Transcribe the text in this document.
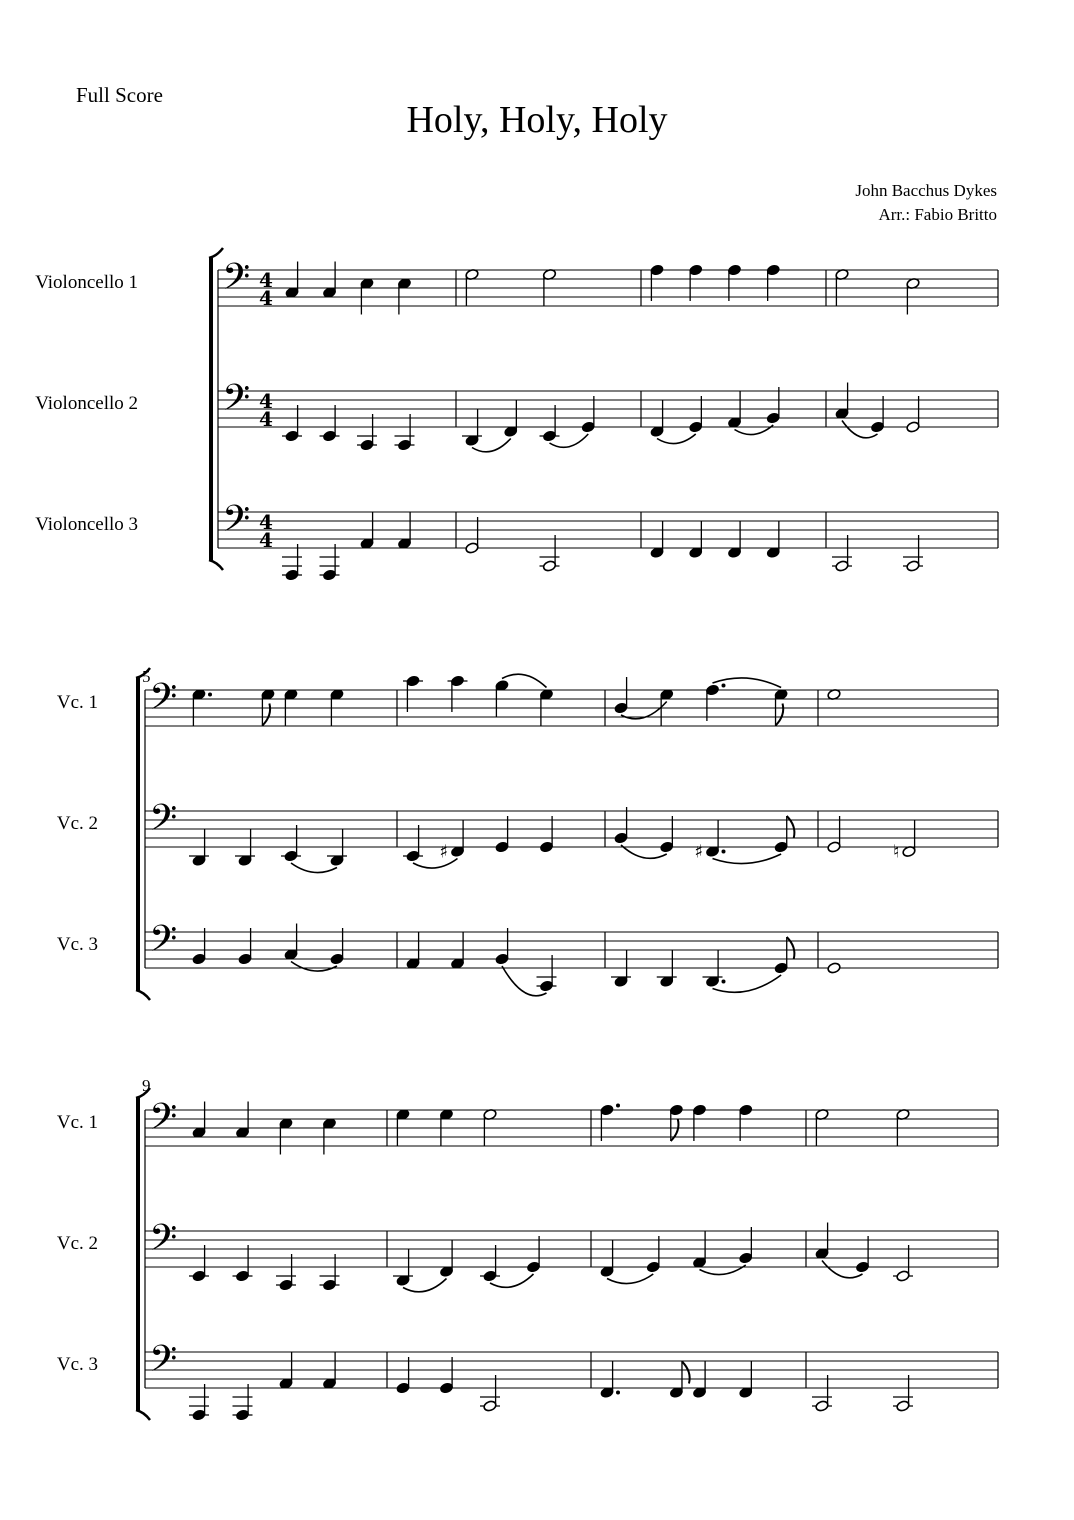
Full Score
Holy, Holy, Holy
John Bacchus Dykes
Arr.: Fabio Britto
Violoncello 1 𝄢 4
4
Violoncello 2 𝄢 4
4
Violoncello 3 𝄢 4
4
5
Vc. 1 𝄢
Vc. 2 𝄢
♯	♯	♮
Vc. 3 𝄢
9
Vc. 1 𝄢
Vc. 2 𝄢
Vc. 3 𝄢
